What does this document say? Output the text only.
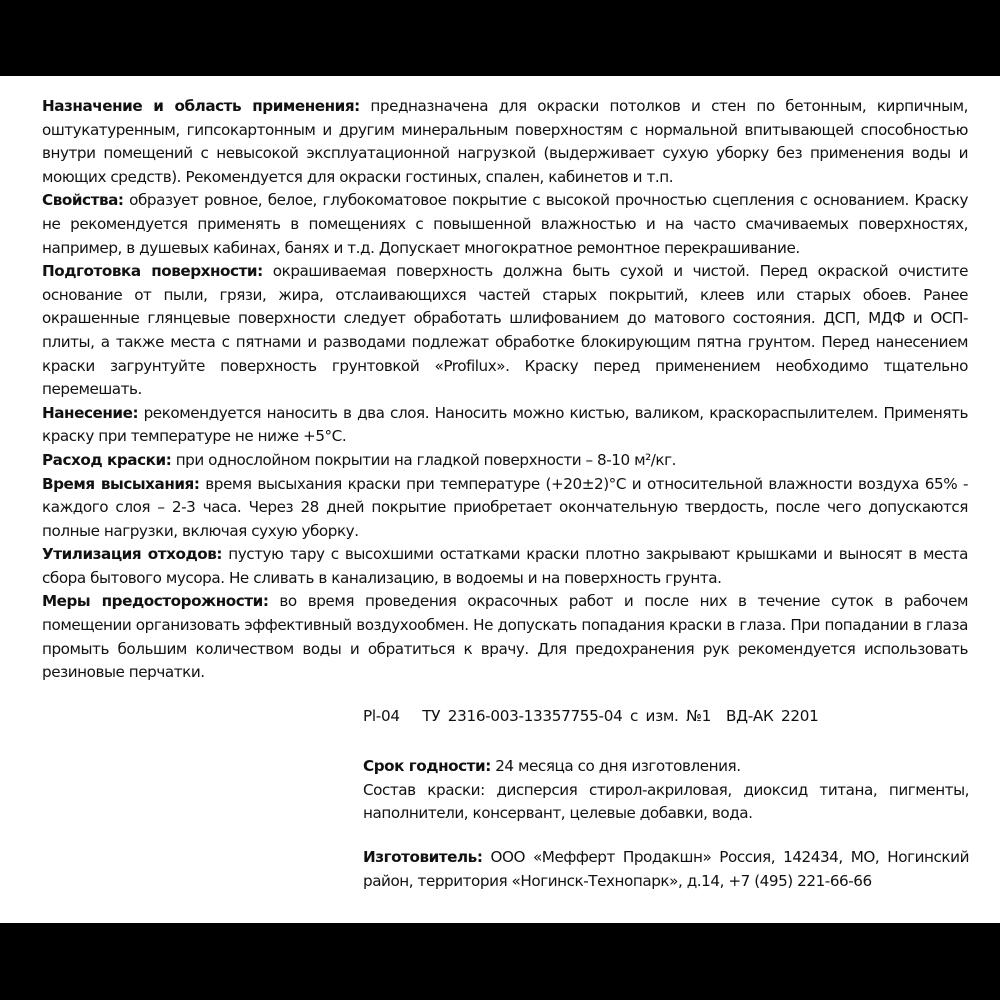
Назначение и область применения: предназначена для окраски потолков и стен по бетонным, кирпичным, оштукатуренным, гипсокартонным и другим минеральным поверхностям с нормальной впитывающей способностью внутри помещений с невысокой эксплуатационной нагрузкой (выдерживает сухую уборку без применения воды и моющих средств). Рекомендуется для окраски гостиных, спален, кабинетов и т.п.

Свойства: образует ровное, белое, глубокоматовое покрытие с высокой прочностью сцепления с основанием. Краску не рекомендуется применять в помещениях с повышенной влажностью и на часто смачиваемых поверхностях, например, в душевых кабинах, банях и т.д. Допускает многократное ремонтное перекрашивание.

Подготовка поверхности: окрашиваемая поверхность должна быть сухой и чистой. Перед окраской очистите основание от пыли, грязи, жира, отслаивающихся частей старых покрытий, клеев или старых обоев. Ранее окрашенные глянцевые поверхности следует обработать шлифованием до матового состояния. ДСП, МДФ и ОСП-плиты, а также места с пятнами и разводами подлежат обработке блокирующим пятна грунтом. Перед нанесением краски загрунтуйте поверхность грунтовкой «Profilux». Краску перед применением необходимо тщательно перемешать.

Нанесение: рекомендуется наносить в два слоя. Наносить можно кистью, валиком, краскораспылителем. Применять краску при температуре не ниже +5°С.

Расход краски: при однослойном покрытии на гладкой поверхности – 8-10 м²/кг.

Время высыхания: время высыхания краски при температуре (+20±2)°С и относительной влажности воздуха 65% - каждого слоя – 2-3 часа. Через 28 дней покрытие приобретает окончательную твердость, после чего допускаются полные нагрузки, включая сухую уборку.

Утилизация отходов: пустую тару с высохшими остатками краски плотно закрывают крышками и выносят в места сбора бытового мусора. Не сливать в канализацию, в водоемы и на поверхность грунта.

Меры предосторожности: во время проведения окрасочных работ и после них в течение суток в рабочем помещении организовать эффективный воздухообмен. Не допускать попадания краски в глаза. При попадании в глаза промыть большим количеством воды и обратиться к врачу. Для предохранения рук рекомендуется использовать резиновые перчатки.

Pl-04   ТУ 2316-003-13357755-04 с изм. №1  ВД-АК 2201

Срок годности: 24 месяца со дня изготовления.

Состав краски: дисперсия стирол-акриловая, диоксид титана, пигменты, наполнители, консервант, целевые добавки, вода.

Изготовитель: ООО «Мефферт Продакшн» Россия, 142434, МО, Ногинский район, территория «Ногинск-Технопарк», д.14, +7 (495) 221-66-66
